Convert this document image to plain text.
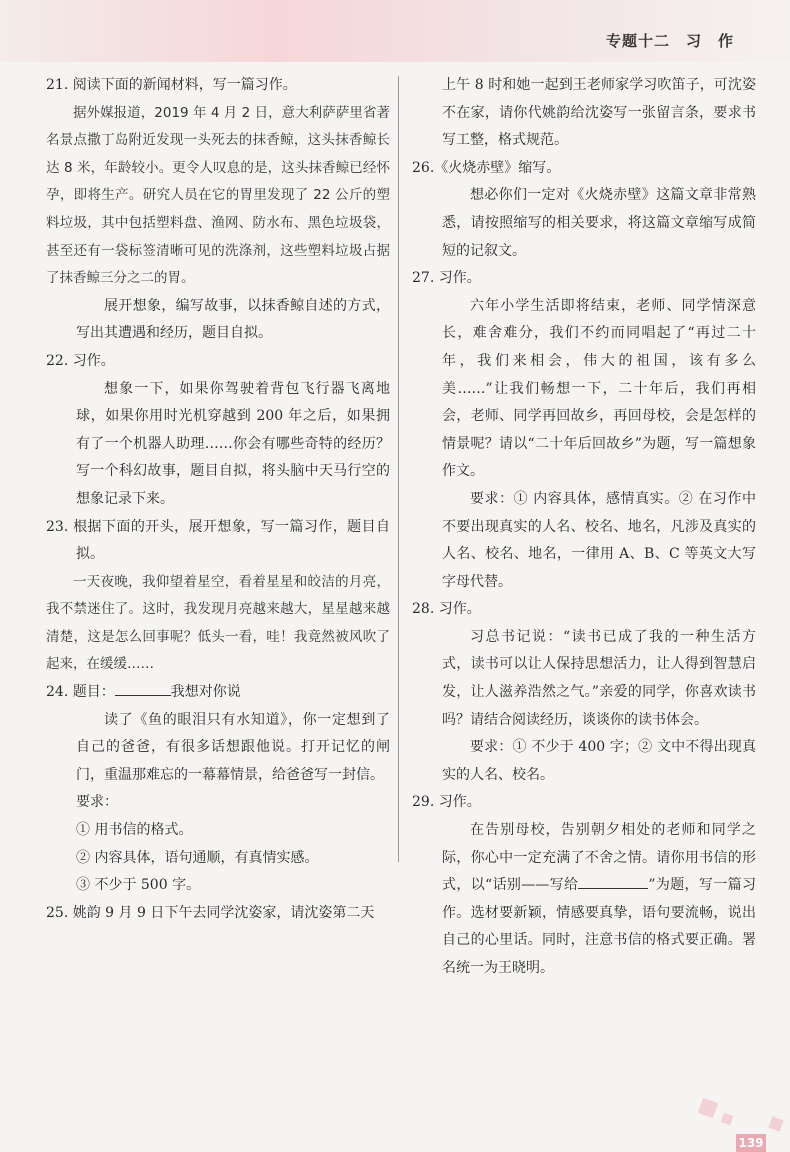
专题十二　习　作

21. 阅读下面的新闻材料，写一篇习作。

据外媒报道，2019 年 4 月 2 日，意大利萨萨里省著名景点撒丁岛附近发现一头死去的抹香鲸，这头抹香鲸长达 8 米，年龄较小。更令人叹息的是，这头抹香鲸已经怀孕，即将生产。研究人员在它的胃里发现了 22 公斤的塑料垃圾，其中包括塑料盘、渔网、防水布、黑色垃圾袋，甚至还有一袋标签清晰可见的洗涤剂，这些塑料垃圾占据了抹香鲸三分之二的胃。

展开想象，编写故事，以抹香鲸自述的方式，写出其遭遇和经历，题目自拟。

22. 习作。

想象一下，如果你驾驶着背包飞行器飞离地球，如果你用时光机穿越到 200 年之后，如果拥有了一个机器人助理……你会有哪些奇特的经历？写一个科幻故事，题目自拟，将头脑中天马行空的想象记录下来。

23. 根据下面的开头，展开想象，写一篇习作，题目自拟。

一天夜晚，我仰望着星空，看着星星和皎洁的月亮，我不禁迷住了。这时，我发现月亮越来越大，星星越来越清楚，这是怎么回事呢？低头一看，哇！我竟然被风吹了起来，在缓缓……

24. 题目：	我想对你说

读了《鱼的眼泪只有水知道》，你一定想到了自己的爸爸，有很多话想跟他说。打开记忆的闸门，重温那难忘的一幕幕情景，给爸爸写一封信。

要求：

① 用书信的格式。

② 内容具体，语句通顺，有真情实感。

③ 不少于 500 字。

25. 姚韵 9 月 9 日下午去同学沈姿家，请沈姿第二天

上午 8 时和她一起到王老师家学习吹笛子，可沈姿不在家，请你代姚韵给沈姿写一张留言条，要求书写工整，格式规范。

26.《火烧赤壁》缩写。

想必你们一定对《火烧赤壁》这篇文章非常熟悉，请按照缩写的相关要求，将这篇文章缩写成简短的记叙文。

27. 习作。

六年小学生活即将结束，老师、同学情深意长，难舍难分，我们不约而同唱起了“再过二十年，我们来相会，伟大的祖国，该有多么美……”让我们畅想一下，二十年后，我们再相会，老师、同学再回故乡，再回母校，会是怎样的情景呢？请以“二十年后回故乡”为题，写一篇想象作文。

要求：① 内容具体，感情真实。② 在习作中不要出现真实的人名、校名、地名，凡涉及真实的人名、校名、地名，一律用 A、B、C 等英文大写字母代替。

28. 习作。

习总书记说：“读书已成了我的一种生活方式，读书可以让人保持思想活力，让人得到智慧启发，让人滋养浩然之气。”亲爱的同学，你喜欢读书吗？请结合阅读经历，谈谈你的读书体会。

要求：① 不少于 400 字；② 文中不得出现真实的人名、校名。

29. 习作。

在告别母校，告别朝夕相处的老师和同学之际，你心中一定充满了不舍之情。请你用书信的形式，以“话别——写给	”为题，写一篇习作。选材要新颖，情感要真挚，语句要流畅，说出自己的心里话。同时，注意书信的格式要正确。署名统一为王晓明。

139
